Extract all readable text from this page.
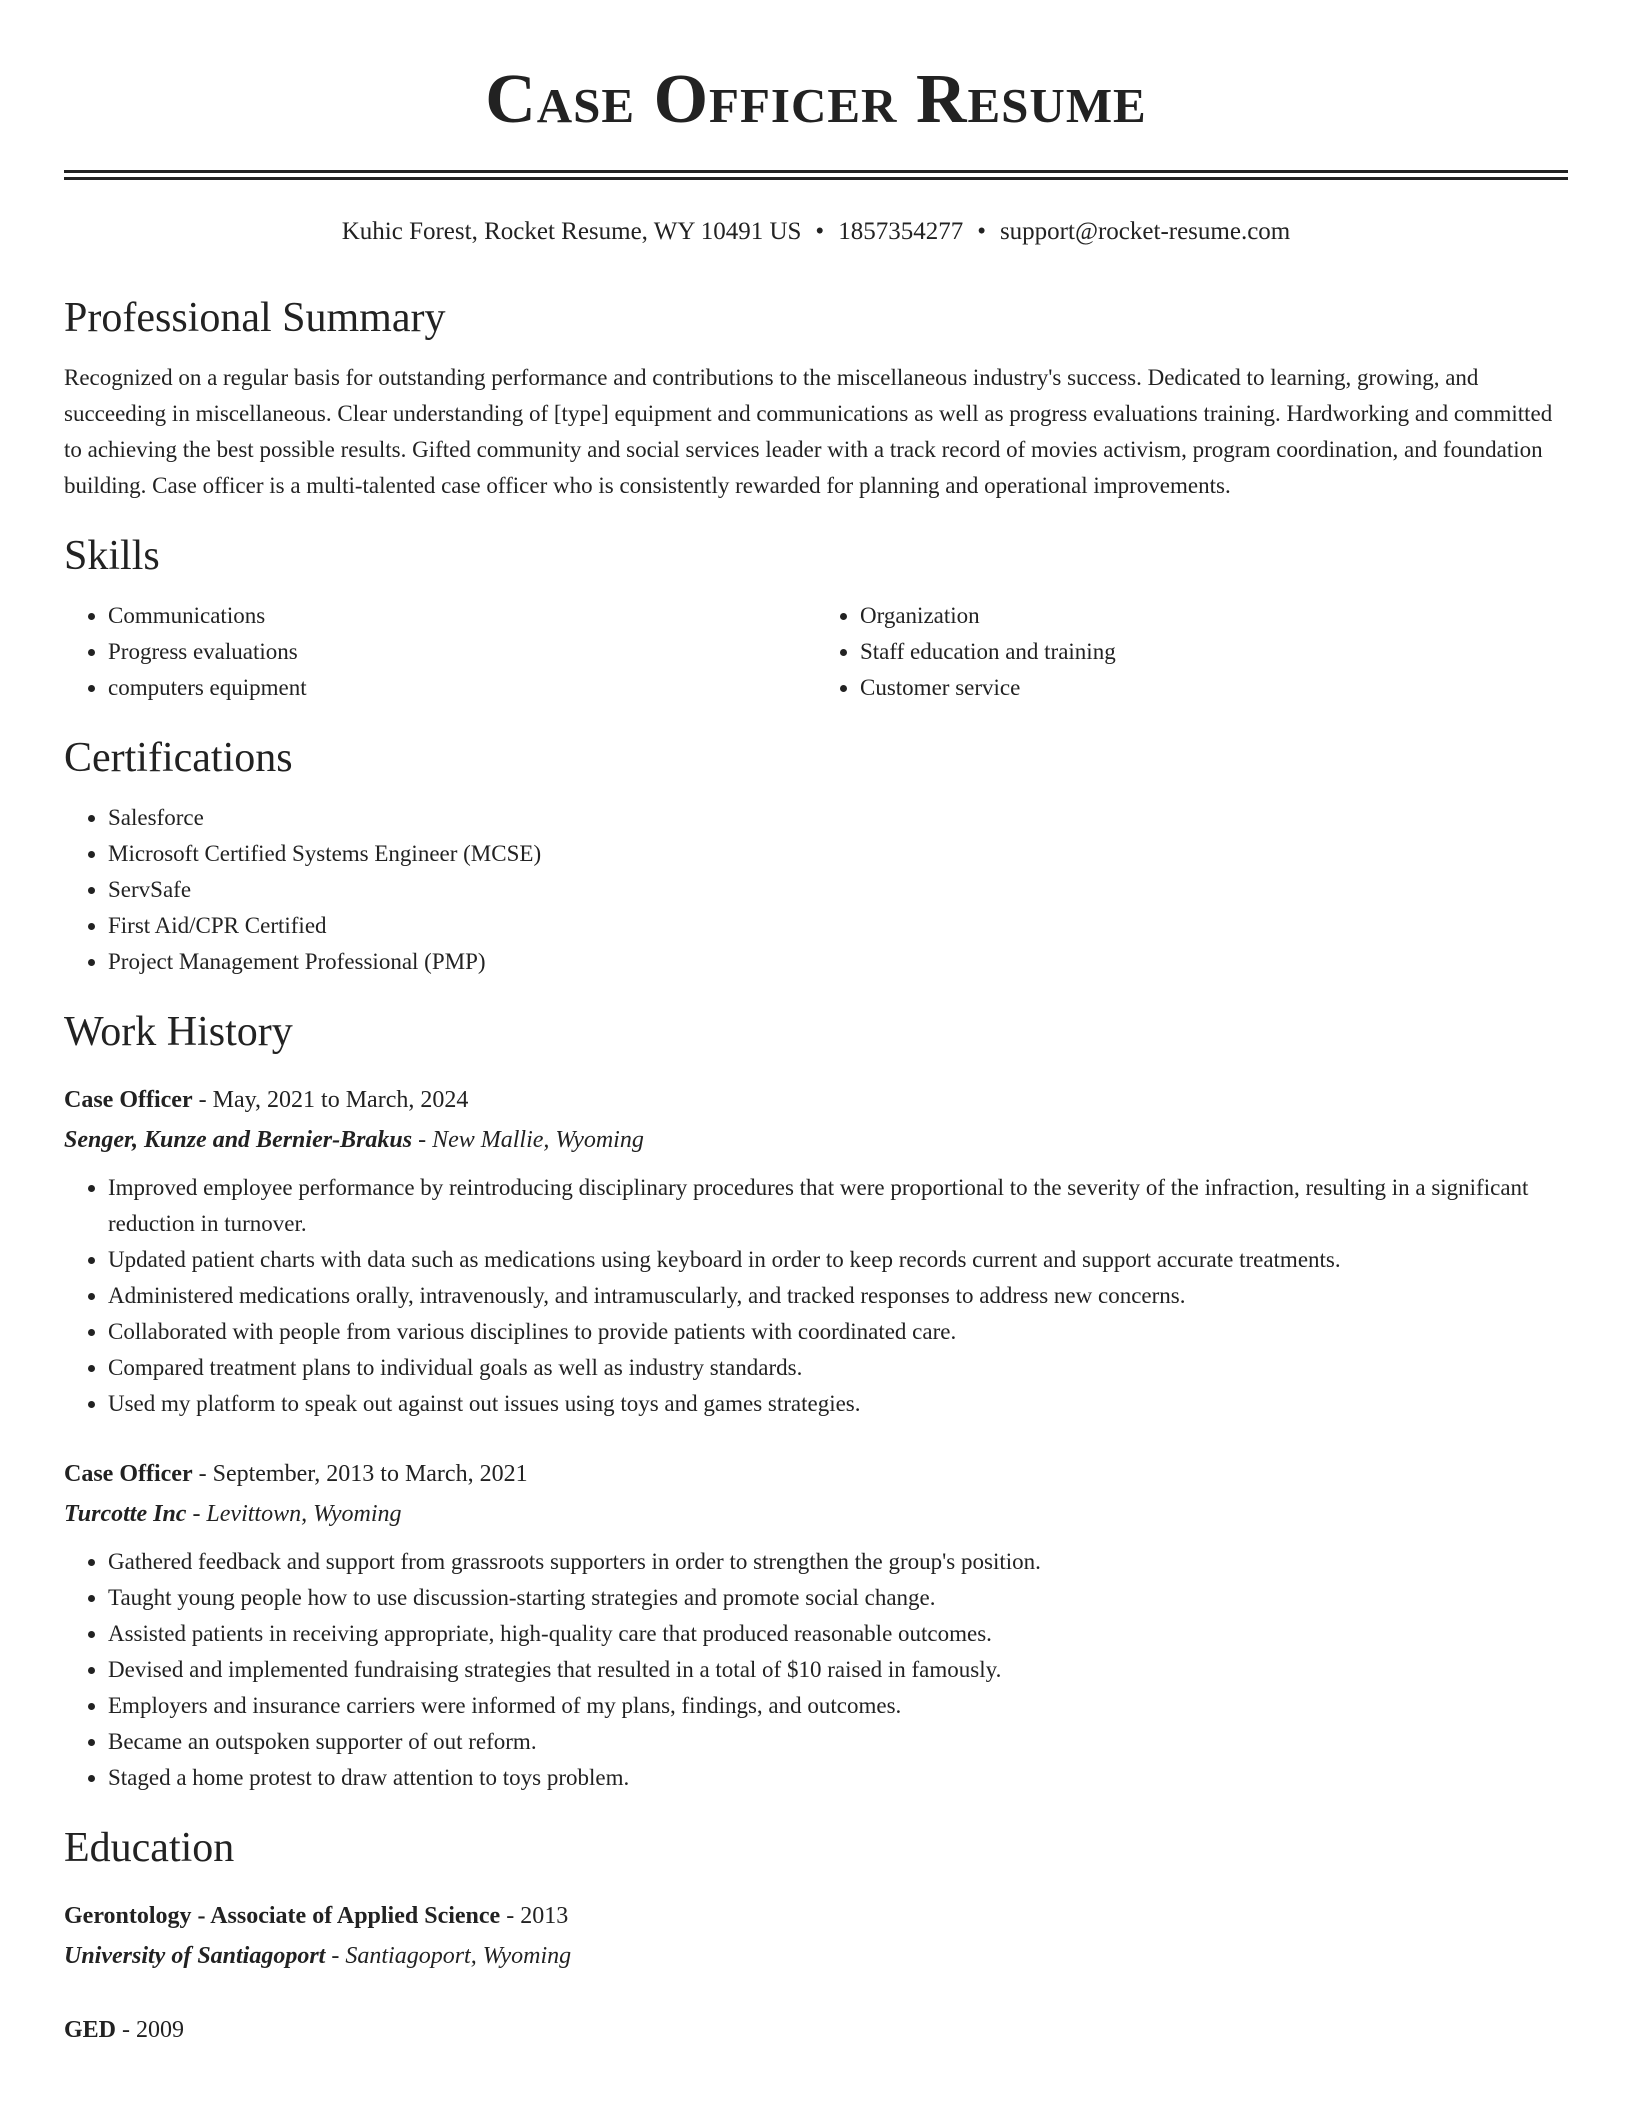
Case Officer Resume
Kuhic Forest, Rocket Resume, WY 10491 US • 1857354277 • support@rocket-resume.com
Professional Summary

Recognized on a regular basis for outstanding performance and contributions to the miscellaneous industry's success. Dedicated to learning, growing, and succeeding in miscellaneous. Clear understanding of [type] equipment and communications as well as progress evaluations training. Hardworking and committed to achieving the best possible results. Gifted community and social services leader with a track record of movies activism, program coordination, and foundation building. Case officer is a multi-talented case officer who is consistently rewarded for planning and operational improvements.

Skills
• Communications
• Progress evaluations
• computers equipment
• Organization
• Staff education and training
• Customer service
Certifications
• Salesforce
• Microsoft Certified Systems Engineer (MCSE)
• ServSafe
• First Aid/CPR Certified
• Project Management Professional (PMP)
Work History
Case Officer - May, 2021 to March, 2024
Senger, Kunze and Bernier-Brakus - New Mallie, Wyoming
• Improved employee performance by reintroducing disciplinary procedures that were proportional to the severity of the infraction, resulting in a significant reduction in turnover.
• Updated patient charts with data such as medications using keyboard in order to keep records current and support accurate treatments.
• Administered medications orally, intravenously, and intramuscularly, and tracked responses to address new concerns.
• Collaborated with people from various disciplines to provide patients with coordinated care.
• Compared treatment plans to individual goals as well as industry standards.
• Used my platform to speak out against out issues using toys and games strategies.
Case Officer - September, 2013 to March, 2021
Turcotte Inc - Levittown, Wyoming
• Gathered feedback and support from grassroots supporters in order to strengthen the group's position.
• Taught young people how to use discussion-starting strategies and promote social change.
• Assisted patients in receiving appropriate, high-quality care that produced reasonable outcomes.
• Devised and implemented fundraising strategies that resulted in a total of $10 raised in famously.
• Employers and insurance carriers were informed of my plans, findings, and outcomes.
• Became an outspoken supporter of out reform.
• Staged a home protest to draw attention to toys problem.
Education
Gerontology - Associate of Applied Science - 2013
University of Santiagoport - Santiagoport, Wyoming
GED - 2009
